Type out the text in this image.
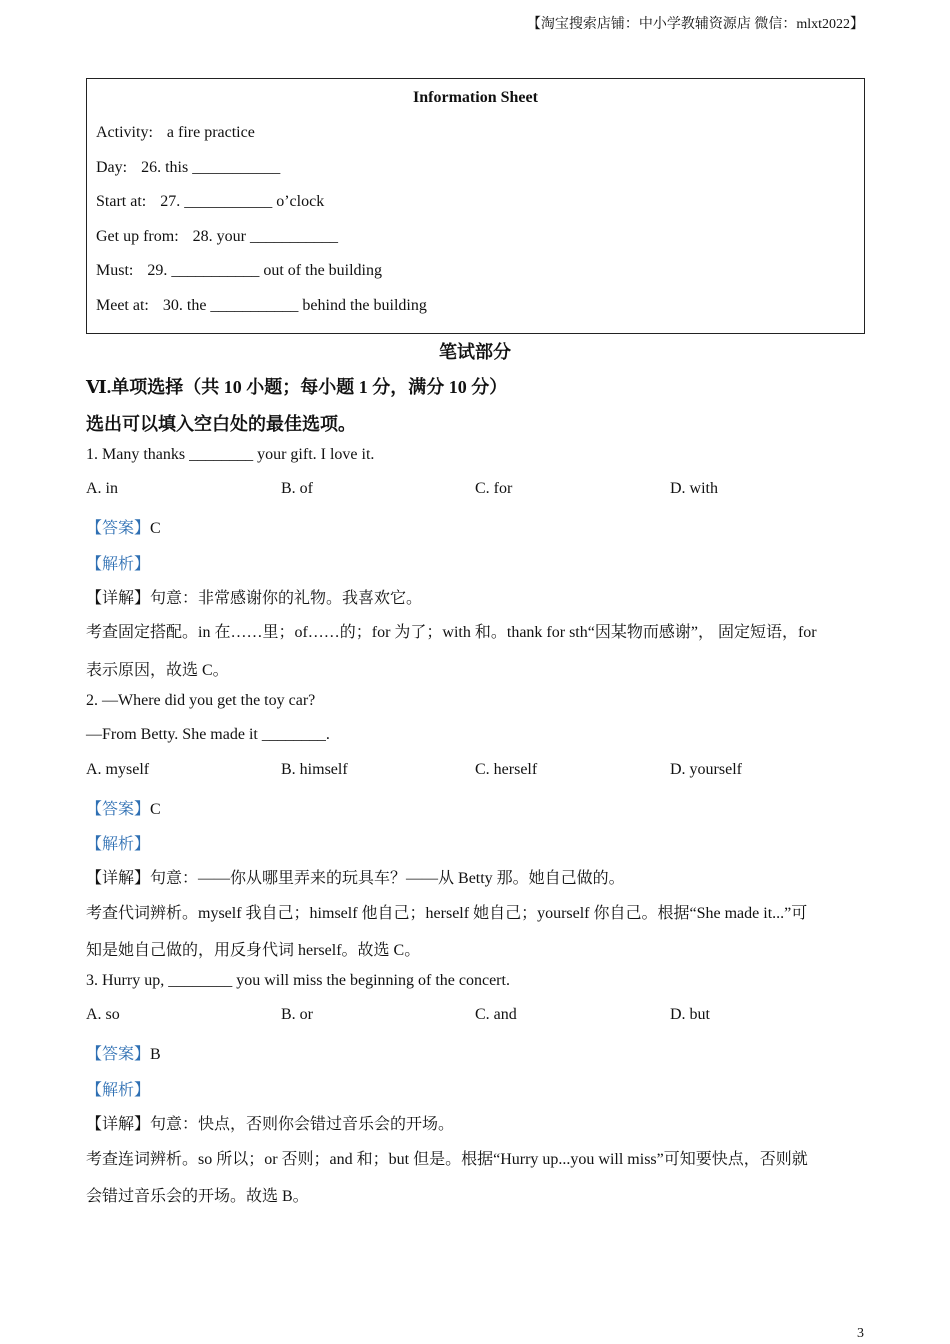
【淘宝搜索店铺：中小学教辅资源店 微信：mlxt2022】
Information Sheet
Activity: a fire practice
Day: 26. this ___________
Start at: 27. ___________ o’clock
Get up from: 28. your ___________
Must: 29. ___________ out of the building
Meet at: 30. the ___________ behind the building
笔试部分
Ⅵ.单项选择（共 10 小题；每小题 1 分，满分 10 分）
选出可以填入空白处的最佳选项。
1. Many thanks ________ your gift. I love it.
A. in	B. of	C. for	D. with
【答案】C
【解析】
【详解】句意：非常感谢你的礼物。我喜欢它。
考查固定搭配。in 在……里；of……的；for 为了；with 和。thank for sth“因某物而感谢”， 固定短语，for
表示原因，故选 C。
2. —Where did you get the toy car?
—From Betty. She made it ________.
A. myself	B. himself	C. herself	D. yourself
【答案】C
【解析】
【详解】句意：——你从哪里弄来的玩具车？——从 Betty 那。她自己做的。
考查代词辨析。myself 我自己；himself 他自己；herself 她自己；yourself 你自己。根据“She made it...”可
知是她自己做的，用反身代词 herself。故选 C。
3. Hurry up, ________ you will miss the beginning of the concert.
A. so	B. or	C. and	D. but
【答案】B
【解析】
【详解】句意：快点，否则你会错过音乐会的开场。
考查连词辨析。so 所以；or 否则；and 和；but 但是。根据“Hurry up...you will miss”可知要快点，否则就
会错过音乐会的开场。故选 B。
3
